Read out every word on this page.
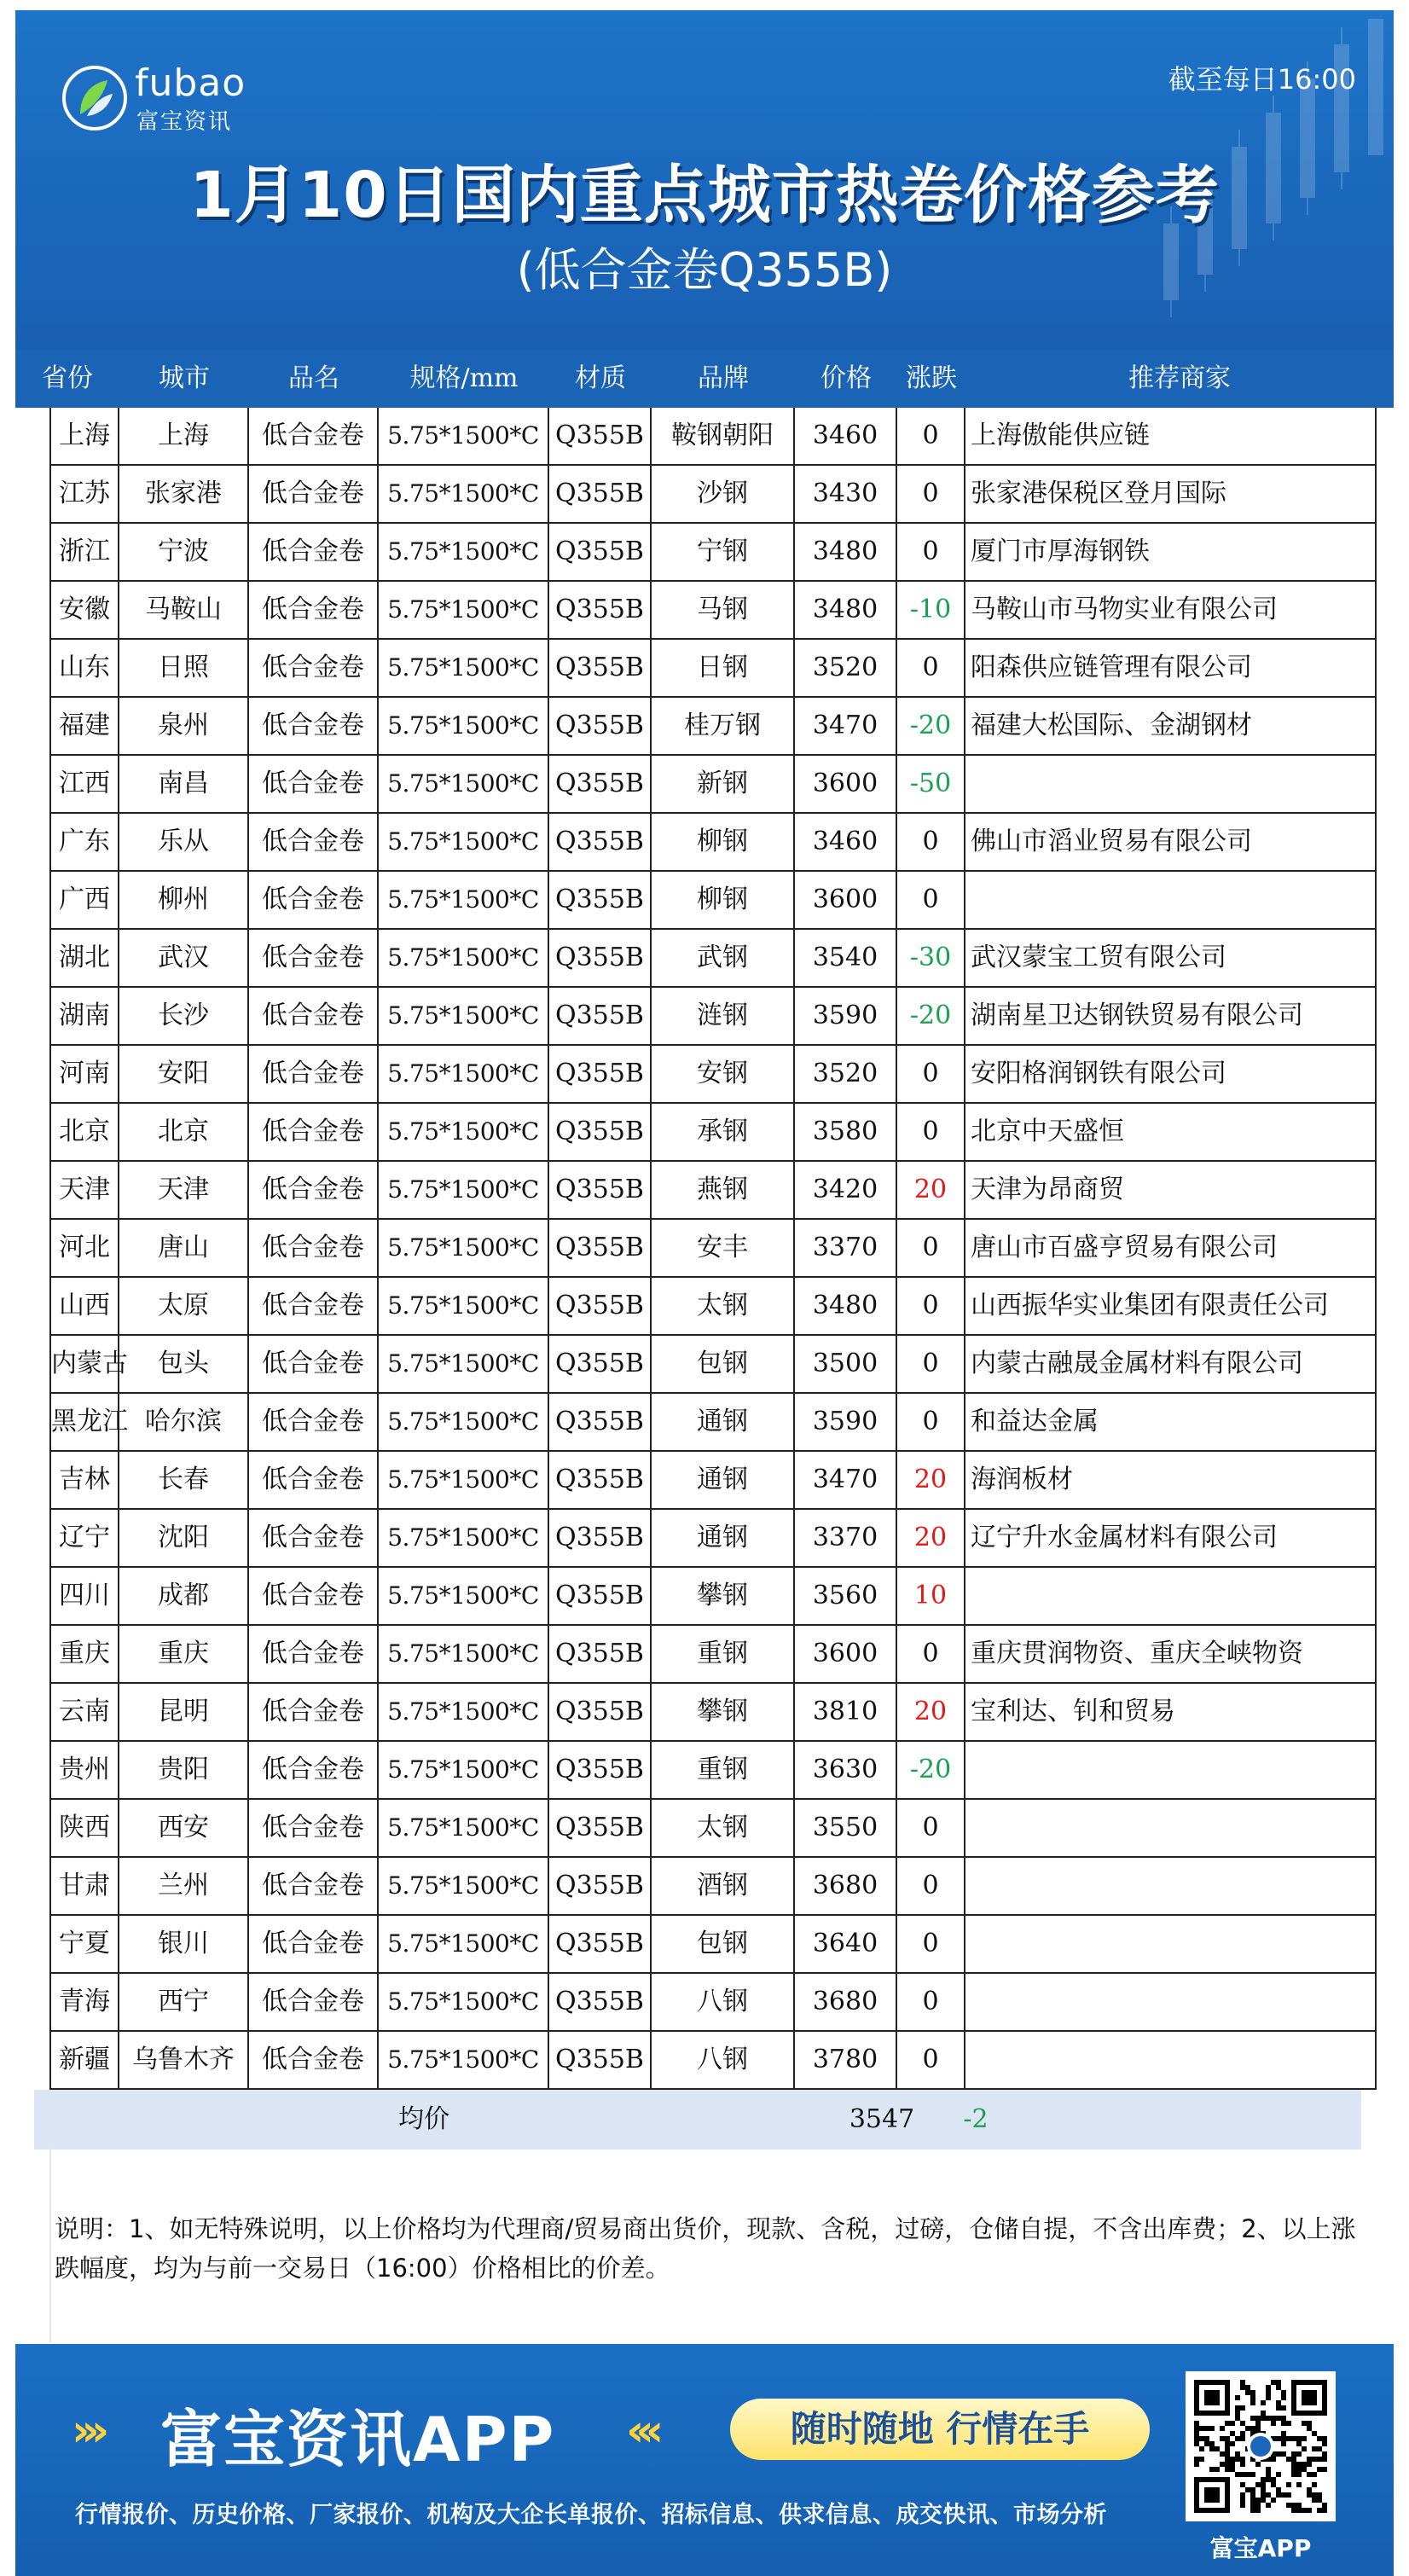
fubao
富宝资讯
截至每日16:00
1月10日国内重点城市热卷价格参考
(低合金卷Q355B)
省份	城市	品名	规格/mm	材质	品牌	价格	涨跌	推荐商家
上海	上海	低合金卷 5.75*1500*C Q355B	鞍钢朝阳	3460	0	上海傲能供应链
江苏	张家港	低合金卷 5.75*1500*C Q355B	沙钢	3430	0	张家港保税区登月国际
浙江	宁波	低合金卷 5.75*1500*C Q355B	宁钢	3480	0	厦门市厚海钢铁
安徽	马鞍山	低合金卷 5.75*1500*C Q355B	马钢	3480	-10 马鞍山市马物实业有限公司
山东	日照	低合金卷 5.75*1500*C Q355B	日钢	3520	0	阳森供应链管理有限公司
福建	泉州	低合金卷 5.75*1500*C Q355B	桂万钢	3470	-20 福建大松国际、金湖钢材
江西	南昌	低合金卷 5.75*1500*C Q355B	新钢	3600	-50
广东	乐从	低合金卷 5.75*1500*C Q355B	柳钢	3460	0	佛山市滔业贸易有限公司
广西	柳州	低合金卷 5.75*1500*C Q355B	柳钢	3600	0
湖北	武汉	低合金卷 5.75*1500*C Q355B	武钢	3540	-30 武汉蒙宝工贸有限公司
湖南	长沙	低合金卷 5.75*1500*C Q355B	涟钢	3590	-20 湖南星卫达钢铁贸易有限公司
河南	安阳	低合金卷 5.75*1500*C Q355B	安钢	3520	0	安阳格润钢铁有限公司
北京	北京	低合金卷 5.75*1500*C Q355B	承钢	3580	0	北京中天盛恒
天津	天津	低合金卷 5.75*1500*C Q355B	燕钢	3420	20 天津为昂商贸
河北	唐山	低合金卷 5.75*1500*C Q355B	安丰	3370	0	唐山市百盛亨贸易有限公司
山西	太原	低合金卷 5.75*1500*C Q355B	太钢	3480	0	山西振华实业集团有限责任公司
内蒙古	包头	低合金卷 5.75*1500*C Q355B	包钢	3500	0	内蒙古融晟金属材料有限公司
黑龙江 哈尔滨	低合金卷 5.75*1500*C Q355B	通钢	3590	0	和益达金属
吉林	长春	低合金卷 5.75*1500*C Q355B	通钢	3470	20 海润板材
辽宁	沈阳	低合金卷 5.75*1500*C Q355B	通钢	3370	20 辽宁升水金属材料有限公司
四川	成都	低合金卷 5.75*1500*C Q355B	攀钢	3560	10
重庆	重庆	低合金卷 5.75*1500*C Q355B	重钢	3600	0	重庆贯润物资、重庆全峡物资
云南	昆明	低合金卷 5.75*1500*C Q355B	攀钢	3810	20 宝利达、钊和贸易
贵州	贵阳	低合金卷 5.75*1500*C Q355B	重钢	3630	-20
陕西	西安	低合金卷 5.75*1500*C Q355B	太钢	3550	0
甘肃	兰州	低合金卷 5.75*1500*C Q355B	酒钢	3680	0
宁夏	银川	低合金卷 5.75*1500*C Q355B	包钢	3640	0
青海	西宁	低合金卷 5.75*1500*C Q355B	八钢	3680	0
新疆 乌鲁木齐	低合金卷 5.75*1500*C Q355B	八钢	3780	0
均价	3547	-2
说明：1、如无特殊说明，以上价格均为代理商/贸易商出货价，现款、含税，过磅，仓储自提，不含出库费；2、以上涨跌幅度，均为与前一交易日（16:00）价格相比的价差。
››› 富宝资讯APP ‹‹‹	随时随地 行情在手
行情报价、历史价格、厂家报价、机构及大企长单报价、招标信息、供求信息、成交快讯、市场分析
富宝APP
